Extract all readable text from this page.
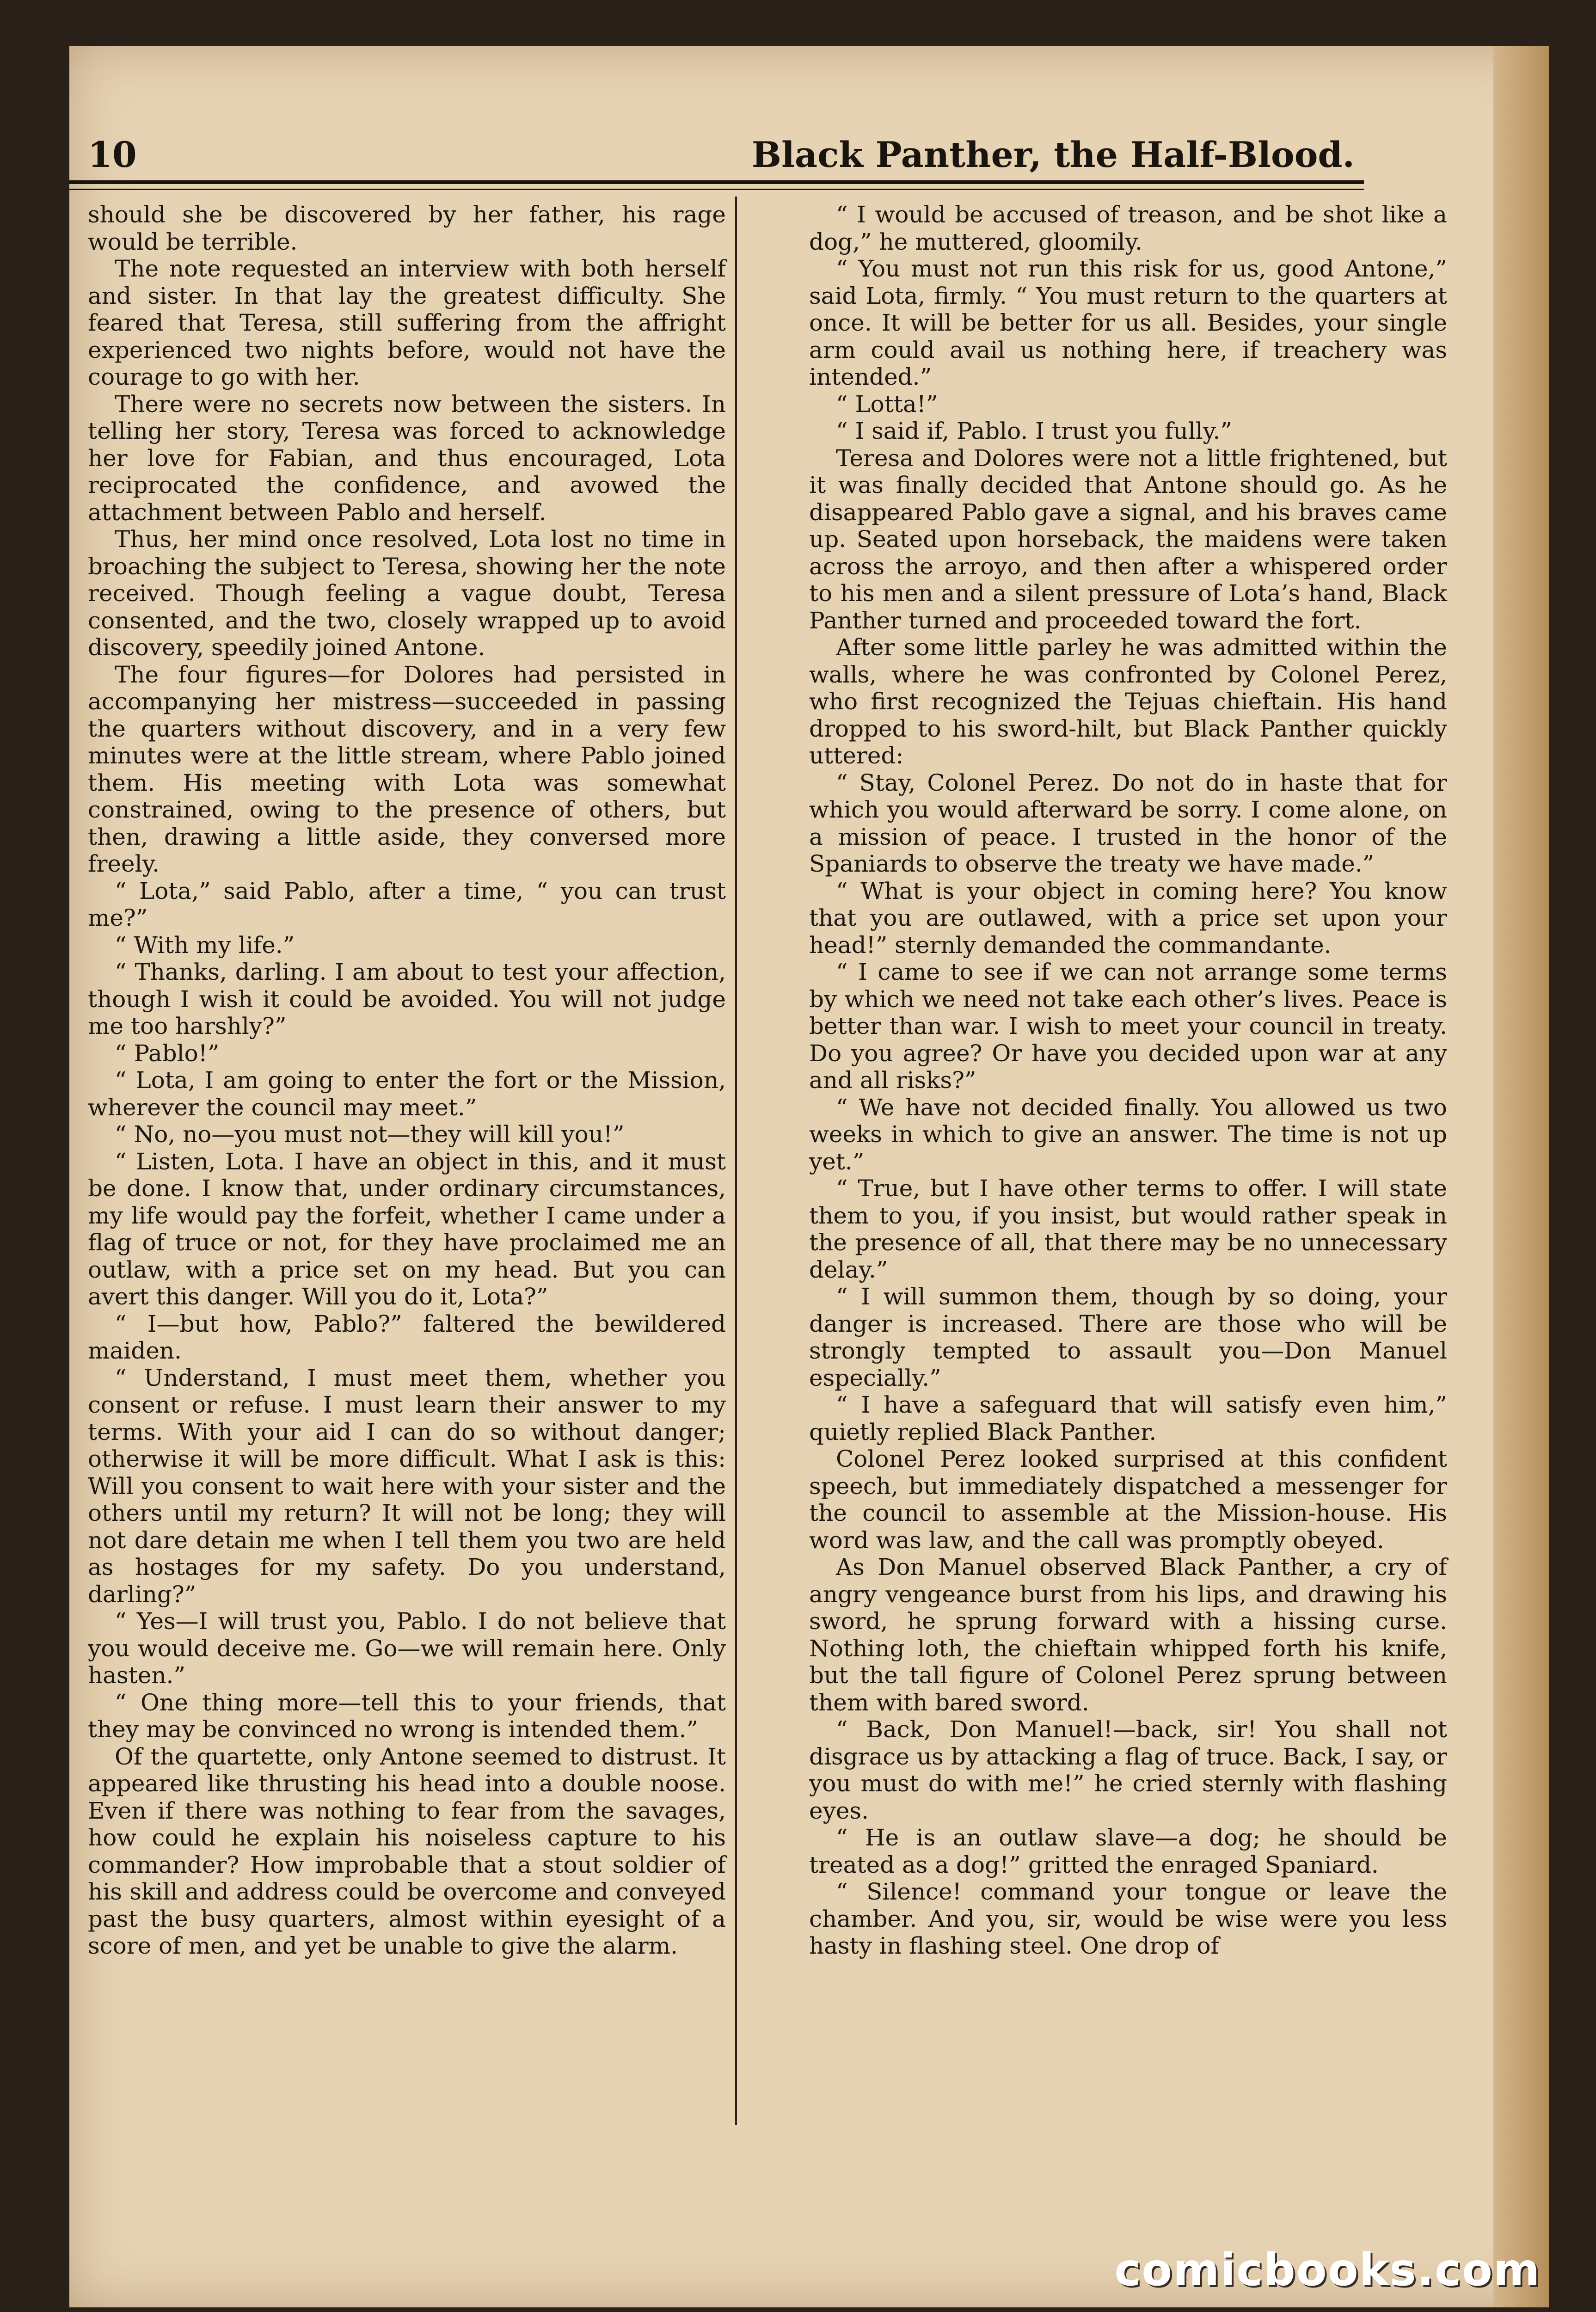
10	Black Panther, the Half-Blood.

should she be discovered by her father, his rage would be terrible.

The note requested an interview with both herself and sister. In that lay the greatest difficulty. She feared that Teresa, still suffering from the affright experienced two nights before, would not have the courage to go with her.

There were no secrets now between the sisters. In telling her story, Teresa was forced to acknowledge her love for Fabian, and thus encouraged, Lota reciprocated the confidence, and avowed the attachment between Pablo and herself.

Thus, her mind once resolved, Lota lost no time in broaching the subject to Teresa, showing her the note received. Though feeling a vague doubt, Teresa consented, and the two, closely wrapped up to avoid discovery, speedily joined Antone.

The four figures—for Dolores had persisted in accompanying her mistress—succeeded in passing the quarters without discovery, and in a very few minutes were at the little stream, where Pablo joined them. His meeting with Lota was somewhat constrained, owing to the presence of others, but then, drawing a little aside, they conversed more freely.

“ Lota,” said Pablo, after a time, “ you can trust me?”

“ With my life.”

“ Thanks, darling. I am about to test your affection, though I wish it could be avoided. You will not judge me too harshly?”

“ Pablo!”

“ Lota, I am going to enter the fort or the Mission, wherever the council may meet.”

“ No, no—you must not—they will kill you!”

“ Listen, Lota. I have an object in this, and it must be done. I know that, under ordinary circumstances, my life would pay the forfeit, whether I came under a flag of truce or not, for they have proclaimed me an outlaw, with a price set on my head. But you can avert this danger. Will you do it, Lota?”

“ I—but how, Pablo?” faltered the bewildered maiden.

“ Understand, I must meet them, whether you consent or refuse. I must learn their answer to my terms. With your aid I can do so without danger; otherwise it will be more difficult. What I ask is this: Will you consent to wait here with your sister and the others until my return? It will not be long; they will not dare detain me when I tell them you two are held as hostages for my safety. Do you understand, darling?”

“ Yes—I will trust you, Pablo. I do not believe that you would deceive me. Go—we will remain here. Only hasten.”

“ One thing more—tell this to your friends, that they may be convinced no wrong is intended them.”

Of the quartette, only Antone seemed to distrust. It appeared like thrusting his head into a double noose. Even if there was nothing to fear from the savages, how could he explain his noiseless capture to his commander? How improbable that a stout soldier of his skill and address could be overcome and conveyed past the busy quarters, almost within eyesight of a score of men, and yet be unable to give the alarm.

“ I would be accused of treason, and be shot like a dog,” he muttered, gloomily.

“ You must not run this risk for us, good Antone,” said Lota, firmly. “ You must return to the quarters at once. It will be better for us all. Besides, your single arm could avail us nothing here, if treachery was intended.”

“ Lotta!”

“ I said if, Pablo. I trust you fully.”

Teresa and Dolores were not a little frightened, but it was finally decided that Antone should go. As he disappeared Pablo gave a signal, and his braves came up. Seated upon horseback, the maidens were taken across the arroyo, and then after a whispered order to his men and a silent pressure of Lota’s hand, Black Panther turned and proceeded toward the fort.

After some little parley he was admitted within the walls, where he was confronted by Colonel Perez, who first recognized the Tejuas chieftain. His hand dropped to his sword-hilt, but Black Panther quickly uttered:

“ Stay, Colonel Perez. Do not do in haste that for which you would afterward be sorry. I come alone, on a mission of peace. I trusted in the honor of the Spaniards to observe the treaty we have made.”

“ What is your object in coming here? You know that you are outlawed, with a price set upon your head!” sternly demanded the commandante.

“ I came to see if we can not arrange some terms by which we need not take each other’s lives. Peace is better than war. I wish to meet your council in treaty. Do you agree? Or have you decided upon war at any and all risks?”

“ We have not decided finally. You allowed us two weeks in which to give an answer. The time is not up yet.”

“ True, but I have other terms to offer. I will state them to you, if you insist, but would rather speak in the presence of all, that there may be no unnecessary delay.”

“ I will summon them, though by so doing, your danger is increased. There are those who will be strongly tempted to assault you—Don Manuel especially.”

“ I have a safeguard that will satisfy even him,” quietly replied Black Panther.

Colonel Perez looked surprised at this confident speech, but immediately dispatched a messenger for the council to assemble at the Mission-house. His word was law, and the call was promptly obeyed.

As Don Manuel observed Black Panther, a cry of angry vengeance burst from his lips, and drawing his sword, he sprung forward with a hissing curse. Nothing loth, the chieftain whipped forth his knife, but the tall figure of Colonel Perez sprung between them with bared sword.

“ Back, Don Manuel!—back, sir! You shall not disgrace us by attacking a flag of truce. Back, I say, or you must do with me!” he cried sternly with flashing eyes.

“ He is an outlaw slave—a dog; he should be treated as a dog!” gritted the enraged Spaniard.

“ Silence! command your tongue or leave the chamber. And you, sir, would be wise were you less hasty in flashing steel. One drop of

comicbooks.com
